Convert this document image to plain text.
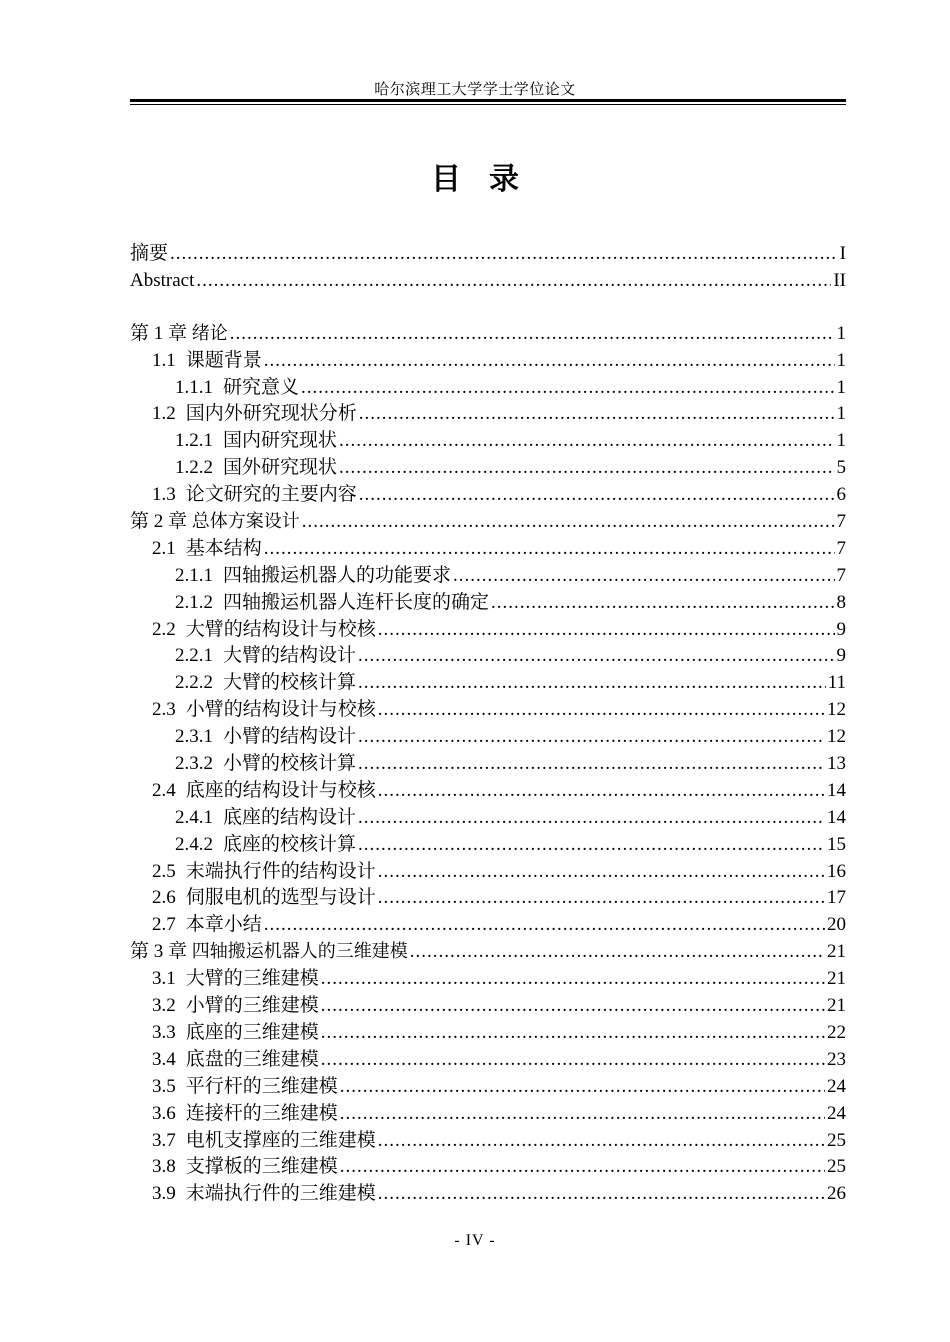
哈尔滨理工大学学士学位论文
目录
摘要 .....	I
Abstract .....	II
第 1 章 绪论 .....	1
1.1 课题背景 .....	1
1.1.1 研究意义 .....	1
1.2 国内外研究现状分析 .....	1
1.2.1 国内研究现状 .....	1
1.2.2 国外研究现状 .....	5
1.3 论文研究的主要内容 .....	6
第 2 章 总体方案设计 .....	7
2.1 基本结构 .....	7
2.1.1 四轴搬运机器人的功能要求 .....	7
2.1.2 四轴搬运机器人连杆长度的确定 .....	8
2.2 大臂的结构设计与校核 .....	9
2.2.1 大臂的结构设计 .....	9
2.2.2 大臂的校核计算 .....	11
2.3 小臂的结构设计与校核 .....	12
2.3.1 小臂的结构设计 .....	12
2.3.2 小臂的校核计算 .....	13
2.4 底座的结构设计与校核 .....	14
2.4.1 底座的结构设计 .....	14
2.4.2 底座的校核计算 .....	15
2.5 末端执行件的结构设计 .....	16
2.6 伺服电机的选型与设计 .....	17
2.7 本章小结 .....	20
第 3 章 四轴搬运机器人的三维建模 .....	21
3.1 大臂的三维建模 .....	21
3.2 小臂的三维建模 .....	21
3.3 底座的三维建模 .....	22
3.4 底盘的三维建模 .....	23
3.5 平行杆的三维建模 .....	24
3.6 连接杆的三维建模 .....	24
3.7 电机支撑座的三维建模 .....	25
3.8 支撑板的三维建模 .....	25
3.9 末端执行件的三维建模 .....	26
- IV -
